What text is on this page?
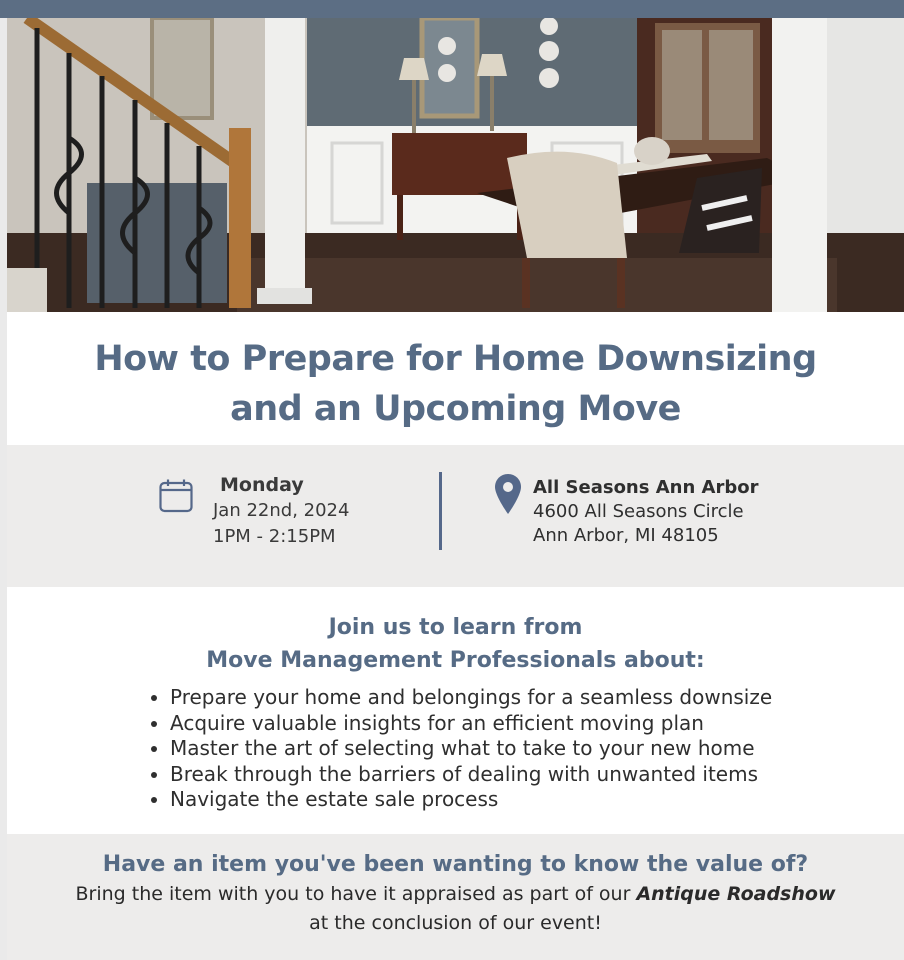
How to Prepare for Home Downsizing
and an Upcoming Move
Monday
Jan 22nd, 2024
1PM - 2:15PM
All Seasons Ann Arbor
4600 All Seasons Circle
Ann Arbor, MI 48105
Join us to learn from
Move Management Professionals about:
• Prepare your home and belongings for a seamless downsize
• Acquire valuable insights for an efficient moving plan
• Master the art of selecting what to take to your new home
• Break through the barriers of dealing with unwanted items
• Navigate the estate sale process
Have an item you've been wanting to know the value of?
Bring the item with you to have it appraised as part of our Antique Roadshow
at the conclusion of our event!
